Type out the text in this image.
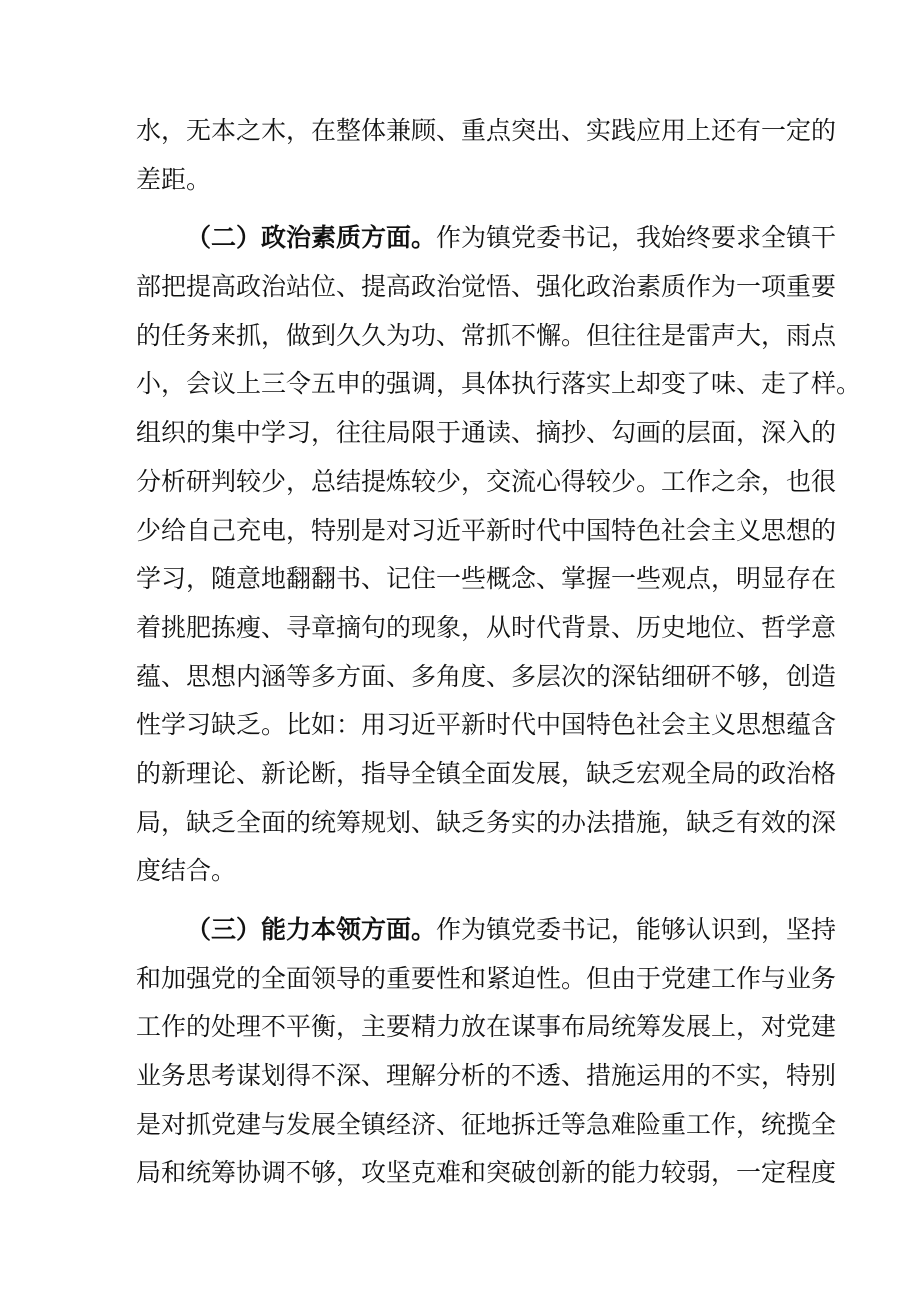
水，无本之木，在整体兼顾、重点突出、实践应用上还有一定的
差距。
（二）政治素质方面。作为镇党委书记，我始终要求全镇干
部把提高政治站位、提高政治觉悟、强化政治素质作为一项重要
的任务来抓，做到久久为功、常抓不懈。但往往是雷声大，雨点
小，会议上三令五申的强调，具体执行落实上却变了味、走了样。
组织的集中学习，往往局限于通读、摘抄、勾画的层面，深入的
分析研判较少，总结提炼较少，交流心得较少。工作之余，也很
少给自己充电，特别是对习近平新时代中国特色社会主义思想的
学习，随意地翻翻书、记住一些概念、掌握一些观点，明显存在
着挑肥拣瘦、寻章摘句的现象，从时代背景、历史地位、哲学意
蕴、思想内涵等多方面、多角度、多层次的深钻细研不够，创造
性学习缺乏。比如：用习近平新时代中国特色社会主义思想蕴含
的新理论、新论断，指导全镇全面发展，缺乏宏观全局的政治格
局，缺乏全面的统筹规划、缺乏务实的办法措施，缺乏有效的深
度结合。
（三）能力本领方面。作为镇党委书记，能够认识到，坚持
和加强党的全面领导的重要性和紧迫性。但由于党建工作与业务
工作的处理不平衡，主要精力放在谋事布局统筹发展上，对党建
业务思考谋划得不深、理解分析的不透、措施运用的不实，特别
是对抓党建与发展全镇经济、征地拆迁等急难险重工作，统揽全
局和统筹协调不够，攻坚克难和突破创新的能力较弱，一定程度
